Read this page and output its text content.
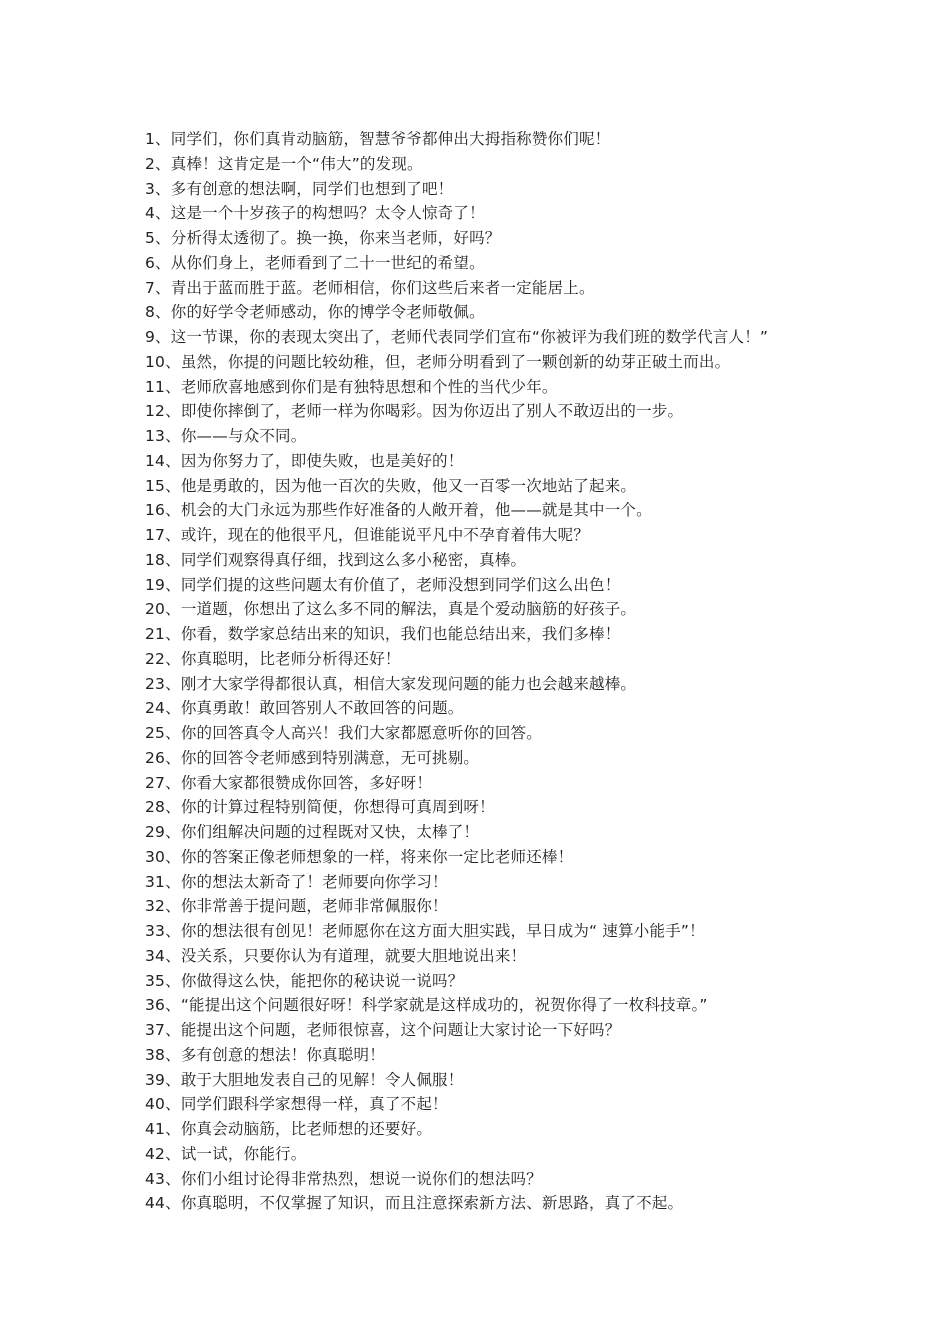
1、同学们，你们真肯动脑筋，智慧爷爷都伸出大拇指称赞你们呢！
2、真棒！这肯定是一个“伟大”的发现。
3、多有创意的想法啊，同学们也想到了吧！
4、这是一个十岁孩子的构想吗？太令人惊奇了！
5、分析得太透彻了。换一换，你来当老师，好吗？
6、从你们身上，老师看到了二十一世纪的希望。
7、青出于蓝而胜于蓝。老师相信，你们这些后来者一定能居上。
8、你的好学令老师感动，你的博学令老师敬佩。
9、这一节课，你的表现太突出了，老师代表同学们宣布“你被评为我们班的数学代言人！”
10、虽然，你提的问题比较幼稚，但，老师分明看到了一颗创新的幼芽正破土而出。
11、老师欣喜地感到你们是有独特思想和个性的当代少年。
12、即使你摔倒了，老师一样为你喝彩。因为你迈出了别人不敢迈出的一步。
13、你——与众不同。
14、因为你努力了，即使失败，也是美好的！
15、他是勇敢的，因为他一百次的失败，他又一百零一次地站了起来。
16、机会的大门永远为那些作好准备的人敞开着，他——就是其中一个。
17、或许，现在的他很平凡，但谁能说平凡中不孕育着伟大呢？
18、同学们观察得真仔细，找到这么多小秘密，真棒。
19、同学们提的这些问题太有价值了，老师没想到同学们这么出色！
20、一道题，你想出了这么多不同的解法，真是个爱动脑筋的好孩子。
21、你看，数学家总结出来的知识，我们也能总结出来，我们多棒！
22、你真聪明，比老师分析得还好！
23、刚才大家学得都很认真，相信大家发现问题的能力也会越来越棒。
24、你真勇敢！敢回答别人不敢回答的问题。
25、你的回答真令人高兴！我们大家都愿意听你的回答。
26、你的回答令老师感到特别满意，无可挑剔。
27、你看大家都很赞成你回答，多好呀！
28、你的计算过程特别简便，你想得可真周到呀！
29、你们组解决问题的过程既对又快，太棒了！
30、你的答案正像老师想象的一样，将来你一定比老师还棒！
31、你的想法太新奇了！老师要向你学习！
32、你非常善于提问题，老师非常佩服你！
33、你的想法很有创见！老师愿你在这方面大胆实践，早日成为“ 速算小能手”！
34、没关系，只要你认为有道理，就要大胆地说出来！
35、你做得这么快，能把你的秘诀说一说吗？
36、“能提出这个问题很好呀！科学家就是这样成功的，祝贺你得了一枚科技章。”
37、能提出这个问题，老师很惊喜，这个问题让大家讨论一下好吗？
38、多有创意的想法！你真聪明！
39、敢于大胆地发表自己的见解！令人佩服！
40、同学们跟科学家想得一样，真了不起！
41、你真会动脑筋，比老师想的还要好。
42、试一试，你能行。
43、你们小组讨论得非常热烈，想说一说你们的想法吗？
44、你真聪明，不仅掌握了知识，而且注意探索新方法、新思路，真了不起。
